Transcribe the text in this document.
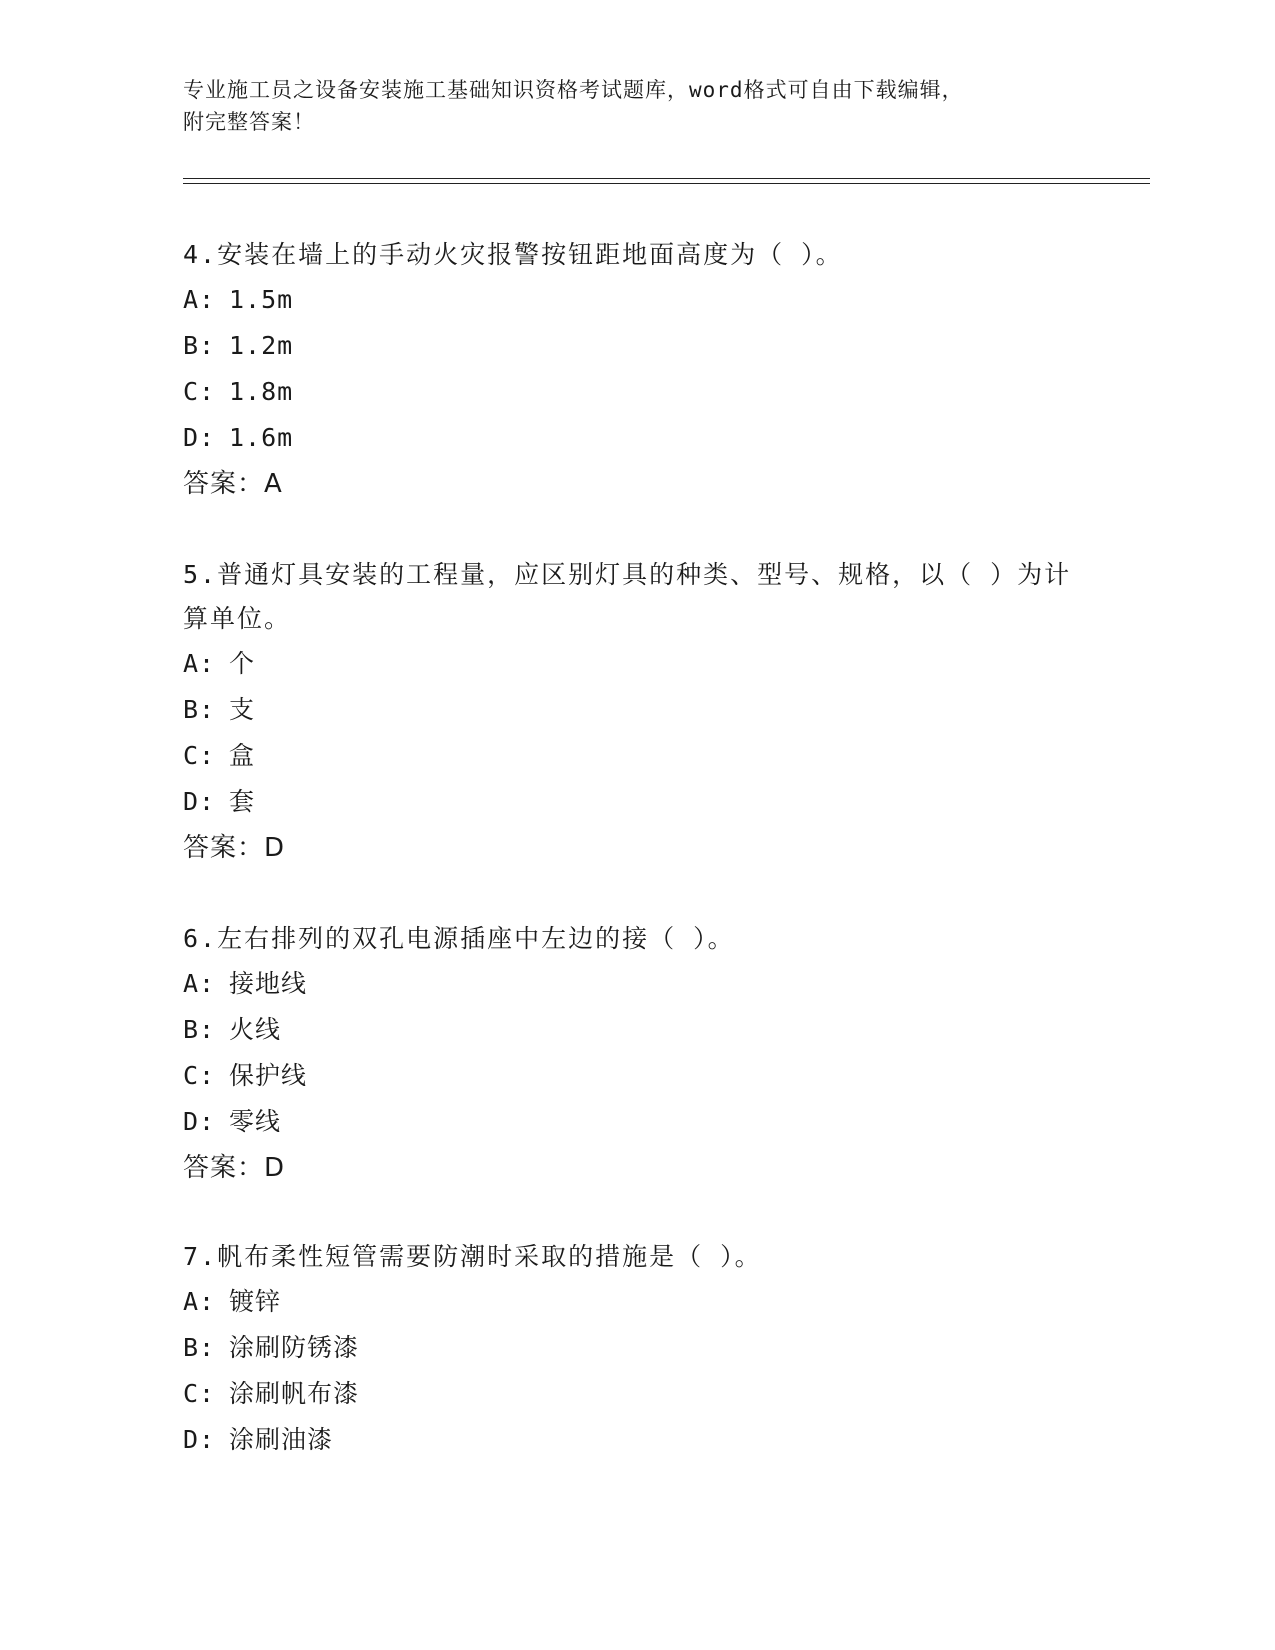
专业施工员之设备安装施工基础知识资格考试题库，word格式可自由下载编辑，
附完整答案！

4.安装在墙上的手动火灾报警按钮距地面高度为（ ）。

A: 1.5m
B: 1.2m
C: 1.8m
D: 1.6m
答案：A

5.普通灯具安装的工程量，应区别灯具的种类、型号、规格，以（ ）为计算单位。

A: 个
B: 支
C: 盒
D: 套
答案：D

6.左右排列的双孔电源插座中左边的接（ ）。

A: 接地线
B: 火线
C: 保护线
D: 零线
答案：D

7.帆布柔性短管需要防潮时采取的措施是（ ）。

A: 镀锌
B: 涂刷防锈漆
C: 涂刷帆布漆
D: 涂刷油漆
